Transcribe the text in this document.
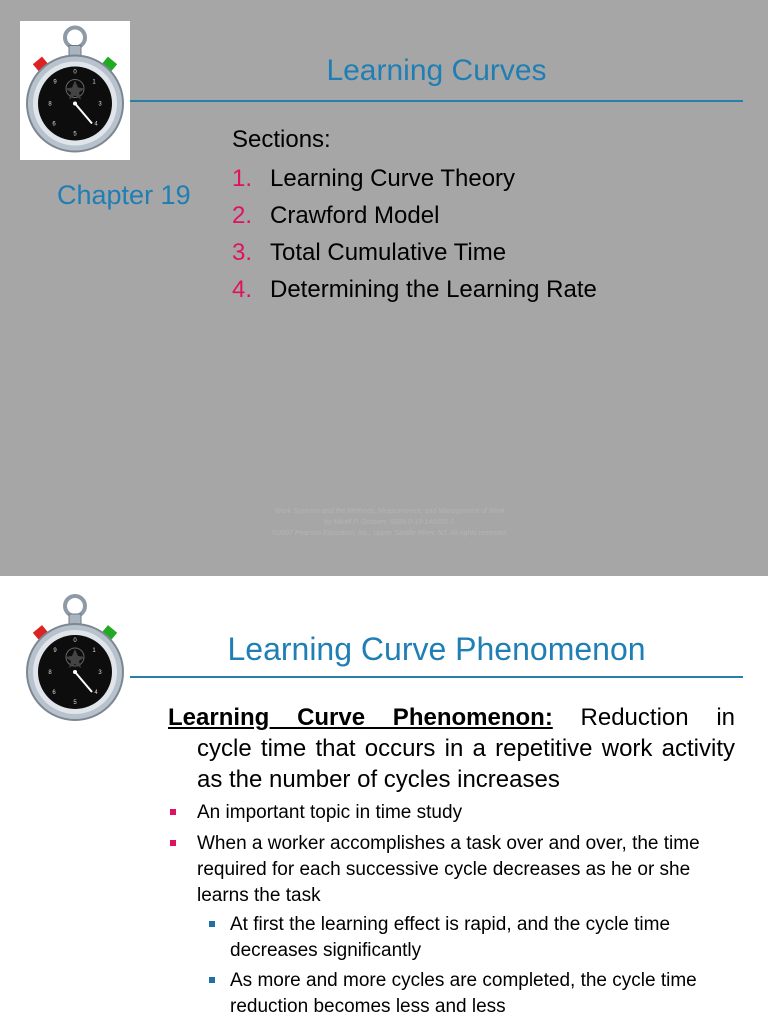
Learning Curves
Chapter 19
Sections:
1. Learning Curve Theory
2. Crawford Model
3. Total Cumulative Time
4. Determining the Learning Rate
Work Systems and the Methods, Measurement, and Management of Work
by Mikell P. Groover, ISBN 0-13-140650-7.
©2007 Pearson Education, Inc., Upper Saddle River, NJ. All rights reserved.
Learning Curve Phenomenon
Learning Curve Phenomenon: Reduction in
cycle time that occurs in a repetitive work activity as the number of cycles increases
An important topic in time study
When a worker accomplishes a task over and over, the time required for each successive cycle decreases as he or she learns the task
At first the learning effect is rapid, and the cycle time decreases significantly
As more and more cycles are completed, the cycle time reduction becomes less and less
